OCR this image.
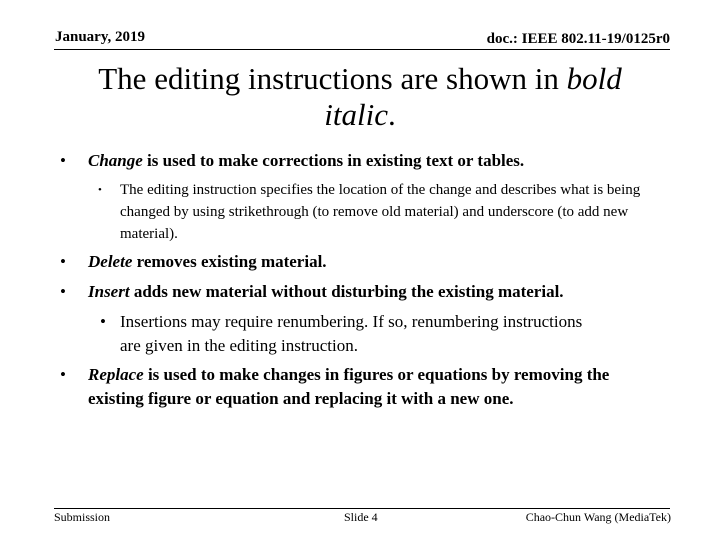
January, 2019	doc.: IEEE 802.11-19/0125r0
The editing instructions are shown in bold italic.
• Change is used to make corrections in existing text or tables.
• The editing instruction specifies the location of the change and describes what is being changed by using strikethrough (to remove old material) and underscore (to add new material).
• Delete removes existing material.
• Insert adds new material without disturbing the existing material.
• Insertions may require renumbering. If so, renumbering instructions are given in the editing instruction.
• Replace is used to make changes in figures or equations by removing the existing figure or equation and replacing it with a new one.
Submission	Slide 4	Chao-Chun Wang (MediaTek)
